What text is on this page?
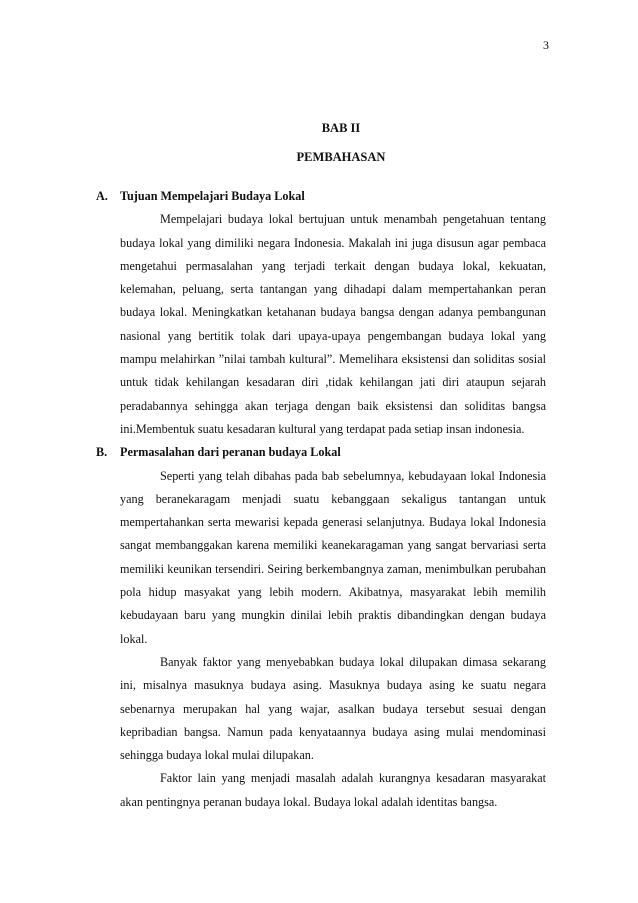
3
BAB II
PEMBAHASAN
A. Tujuan Mempelajari Budaya Lokal

Mempelajari budaya lokal bertujuan untuk menambah pengetahuan tentang budaya lokal yang dimiliki negara Indonesia. Makalah ini juga disusun agar pembaca mengetahui permasalahan yang terjadi terkait dengan budaya lokal, kekuatan, kelemahan, peluang, serta tantangan yang dihadapi dalam mempertahankan peran budaya lokal. Meningkatkan ketahanan budaya bangsa dengan adanya pembangunan nasional yang bertitik tolak dari upaya-upaya pengembangan budaya lokal yang mampu melahirkan ”nilai tambah kultural”. Memelihara eksistensi dan soliditas sosial untuk tidak kehilangan kesadaran diri ,tidak kehilangan jati diri ataupun sejarah peradabannya sehingga akan terjaga dengan baik eksistensi dan soliditas bangsa ini.Membentuk suatu kesadaran kultural yang terdapat pada setiap insan indonesia.

B. Permasalahan dari peranan budaya Lokal

Seperti yang telah dibahas pada bab sebelumnya, kebudayaan lokal Indonesia yang beranekaragam menjadi suatu kebanggaan sekaligus tantangan untuk mempertahankan serta mewarisi kepada generasi selanjutnya. Budaya lokal Indonesia sangat membanggakan karena memiliki keanekaragaman yang sangat bervariasi serta memiliki keunikan tersendiri. Seiring berkembangnya zaman, menimbulkan perubahan pola hidup masyakat yang lebih modern. Akibatnya, masyarakat lebih memilih kebudayaan baru yang mungkin dinilai lebih praktis dibandingkan dengan budaya lokal.

Banyak faktor yang menyebabkan budaya lokal dilupakan dimasa sekarang ini, misalnya masuknya budaya asing. Masuknya budaya asing ke suatu negara sebenarnya merupakan hal yang wajar, asalkan budaya tersebut sesuai dengan kepribadian bangsa. Namun pada kenyataannya budaya asing mulai mendominasi sehingga budaya lokal mulai dilupakan.

Faktor lain yang menjadi masalah adalah kurangnya kesadaran masyarakat akan pentingnya peranan budaya lokal. Budaya lokal adalah identitas bangsa.
